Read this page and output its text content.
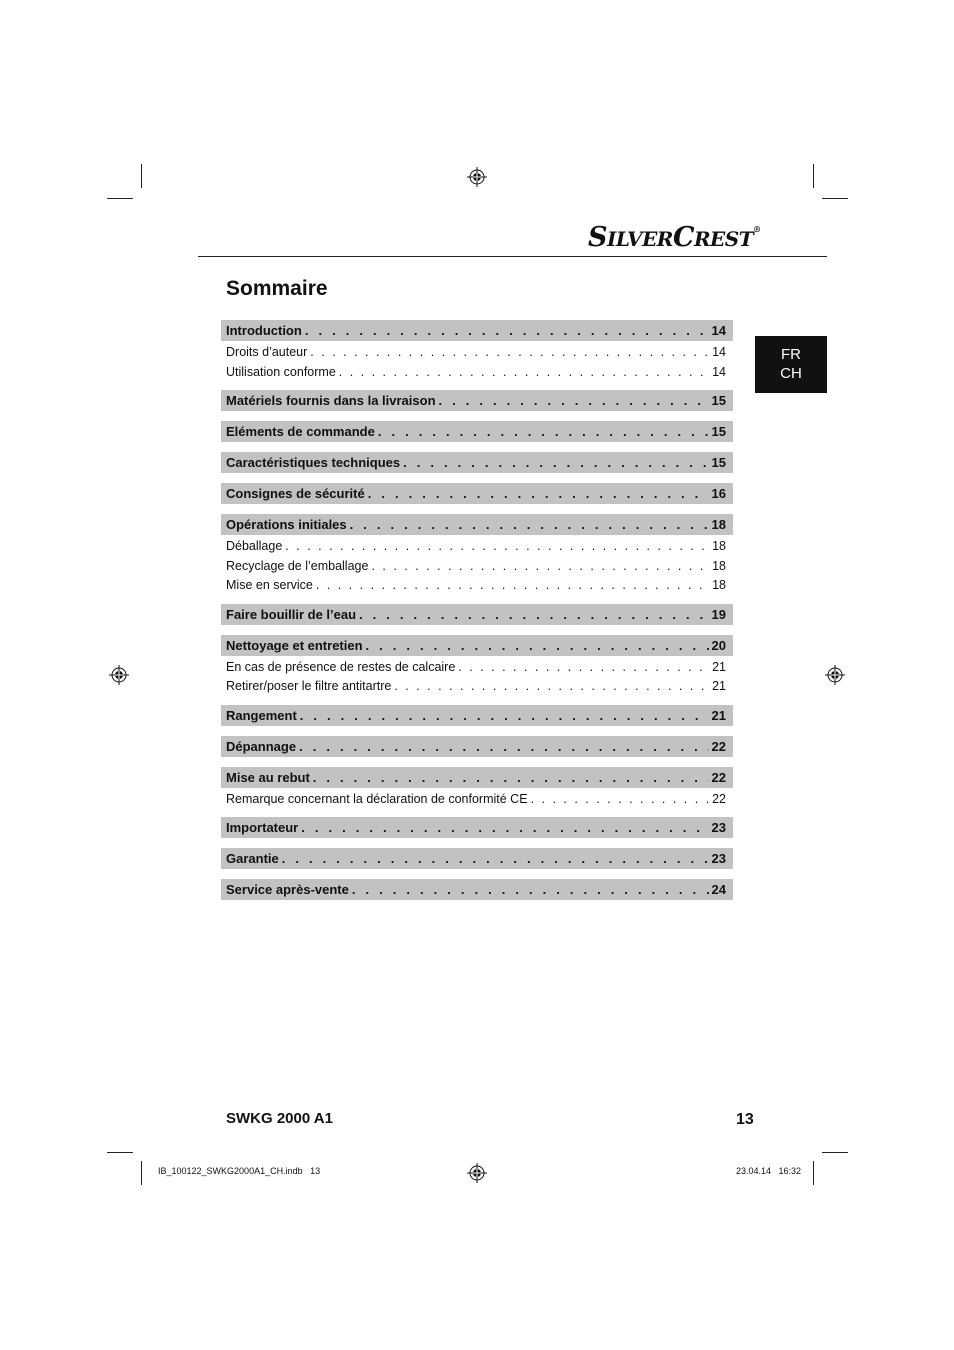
SILVERCREST®
Sommaire
FR
CH
Introduction . . .	14
Droits d’auteur . . .	14
Utilisation conforme . . .	14
Matériels fournis dans la livraison . . .	15
Eléments de commande . . .	15
Caractéristiques techniques . . .	15
Consignes de sécurité . . .	16
Opérations initiales . . .	18
Déballage . . .	18
Recyclage de l’emballage . . .	18
Mise en service . . .	18
Faire bouillir de l’eau . . .	19
Nettoyage et entretien . . .	20
En cas de présence de restes de calcaire . . .	21
Retirer/poser le filtre antitartre . . .	21
Rangement . . .	21
Dépannage . . .	22
Mise au rebut . . .	22
Remarque concernant la déclaration de conformité CE . . .	22
Importateur . . .	23
Garantie . . .	23
Service après-vente . . .	24
SWKG 2000 A1	13
IB_100122_SWKG2000A1_CH.indb   13	23.04.14   16:32
